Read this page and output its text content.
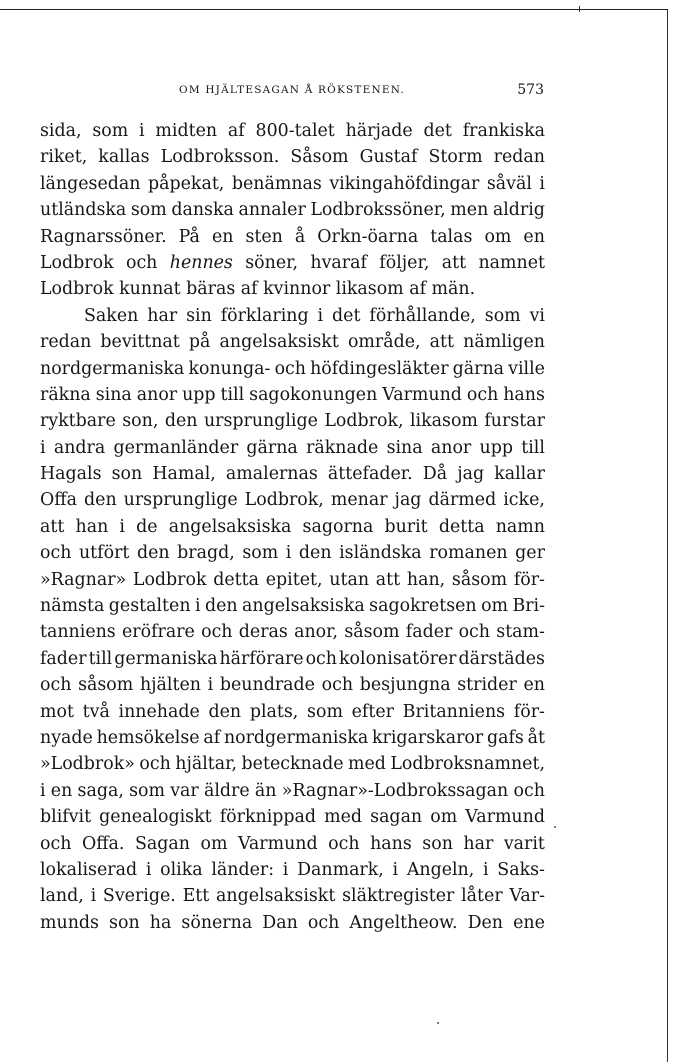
OM HJÄLTESAGAN Å RÖKSTENEN.	573
sida, som i midten af 800-talet härjade det frankiska
riket, kallas Lodbroksson. Såsom Gustaf Storm redan
längesedan påpekat, benämnas vikingahöfdingar såväl i
utländska som danska annaler Lodbrokssöner, men aldrig
Ragnarssöner. På en sten å Orkn-öarna talas om en
Lodbrok och hennes söner, hvaraf följer, att namnet
Lodbrok kunnat bäras af kvinnor likasom af män.
Saken har sin förklaring i det förhållande, som vi
redan bevittnat på angelsaksiskt område, att nämligen
nordgermaniska konunga- och höfdingesläkter gärna ville
räkna sina anor upp till sagokonungen Varmund och hans
ryktbare son, den ursprunglige Lodbrok, likasom furstar
i andra germanländer gärna räknade sina anor upp till
Hagals son Hamal, amalernas ättefader. Då jag kallar
Offa den ursprunglige Lodbrok, menar jag därmed icke,
att han i de angelsaksiska sagorna burit detta namn
och utfört den bragd, som i den isländska romanen ger
»Ragnar» Lodbrok detta epitet, utan att han, såsom för-
nämsta gestalten i den angelsaksiska sagokretsen om Bri-
tanniens eröfrare och deras anor, såsom fader och stam-
fader till germaniska härförare och kolonisatörer därstädes
och såsom hjälten i beundrade och besjungna strider en
mot två innehade den plats, som efter Britanniens för-
nyade hemsökelse af nordgermaniska krigarskaror gafs åt
»Lodbrok» och hjältar, betecknade med Lodbroksnamnet,
i en saga, som var äldre än »Ragnar»-Lodbrokssagan och
blifvit genealogiskt förknippad med sagan om Varmund
och Offa. Sagan om Varmund och hans son har varit
lokaliserad i olika länder: i Danmark, i Angeln, i Saks-
land, i Sverige. Ett angelsaksiskt släktregister låter Var-
munds son ha sönerna Dan och Angeltheow. Den ene
